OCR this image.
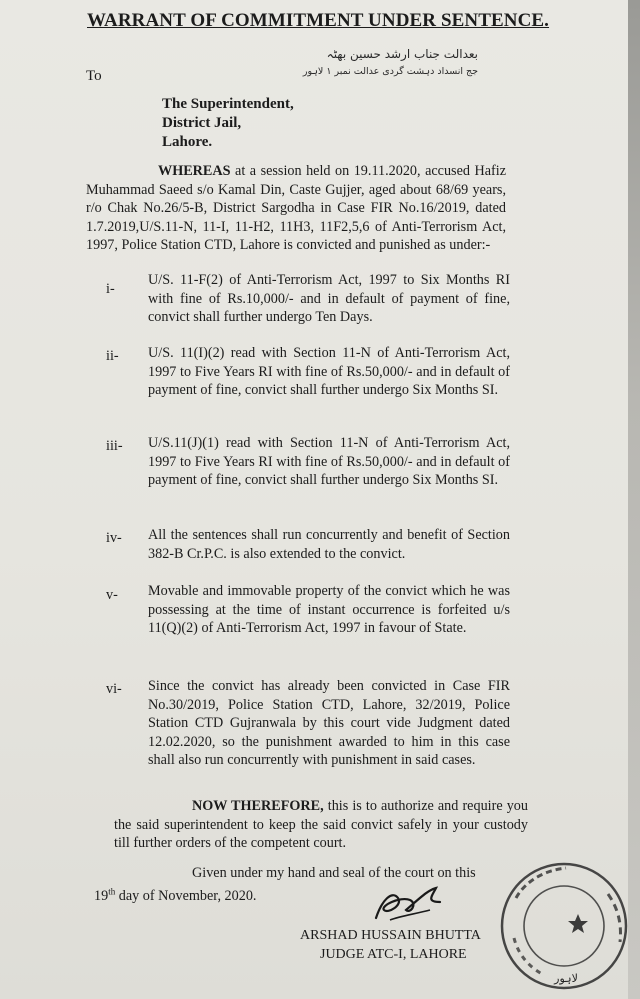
WARRANT OF COMMITMENT UNDER SENTENCE.
بعدالت جناب ارشد حسین بھٹہ
جج انسداد دہشت گردی عدالت نمبر ۱ لاہور
To
The Superintendent,
District Jail,
Lahore.
WHEREAS at a session held on 19.11.2020, accused Hafiz Muhammad Saeed s/o Kamal Din, Caste Gujjer, aged about 68/69 years, r/o Chak No.26/5-B, District Sargodha in Case FIR No.16/2019, dated 1.7.2019,U/S.11-N, 11-I, 11-H2, 11H3, 11F2,5,6 of Anti-Terrorism Act, 1997, Police Station CTD, Lahore is convicted and punished as under:-
i-
U/S. 11-F(2) of Anti-Terrorism Act, 1997 to Six Months RI with fine of Rs.10,000/- and in default of payment of fine, convict shall further undergo Ten Days.
ii- U/S. 11(I)(2) read with Section 11-N of Anti-Terrorism Act, 1997 to Five Years RI with fine of Rs.50,000/- and in default of payment of fine, convict shall further undergo Six Months SI.
iii- U/S.11(J)(1) read with Section 11-N of Anti-Terrorism Act, 1997 to Five Years RI with fine of Rs.50,000/- and in default of payment of fine, convict shall further undergo Six Months SI.
iv- All the sentences shall run concurrently and benefit of Section 382-B Cr.P.C. is also extended to the convict.
v- Movable and immovable property of the convict which he was possessing at the time of instant occurrence is forfeited u/s 11(Q)(2) of Anti-Terrorism Act, 1997 in favour of State.
vi- Since the convict has already been convicted in Case FIR No.30/2019, Police Station CTD, Lahore, 32/2019, Police Station CTD Gujranwala by this court vide Judgment dated 12.02.2020, so the punishment awarded to him in this case shall also run concurrently with punishment in said cases.
NOW THEREFORE, this is to authorize and require you the said superintendent to keep the said convict safely in your custody till further orders of the competent court.
Given under my hand and seal of the court on this
19th day of November, 2020.
ARSHAD HUSSAIN BHUTTA
JUDGE ATC-I, LAHORE
لاہور
